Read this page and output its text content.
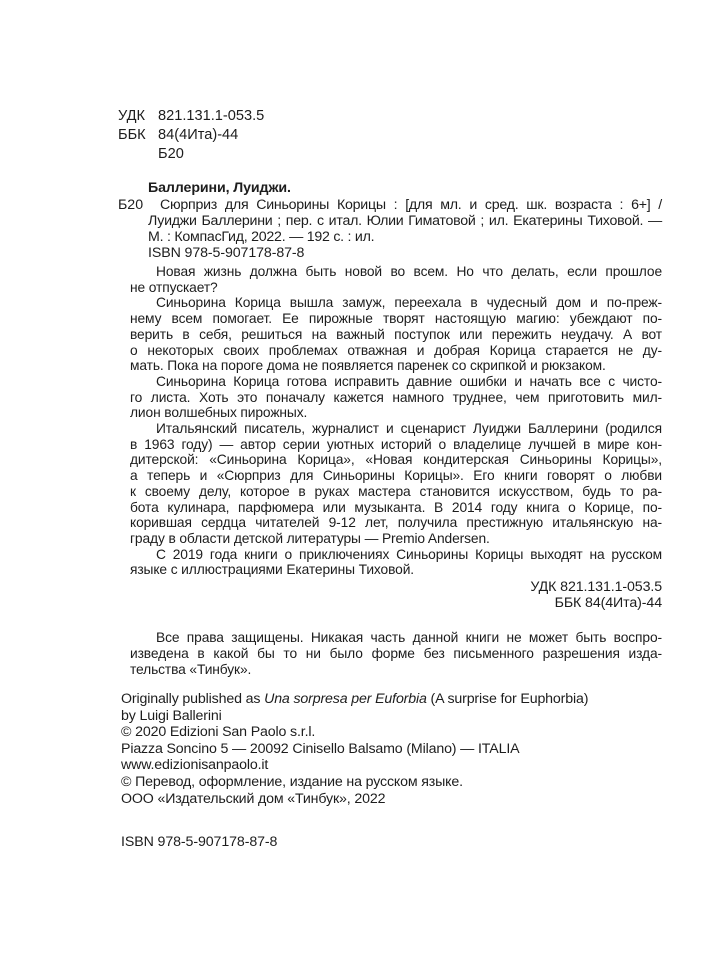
УДК 821.131.1-053.5
ББК 84(4Ита)-44
Б20
Баллерини, Луиджи.
Б20	Сюрприз для Синьорины Корицы : [для мл. и сред. шк. возраста : 6+] /
Луиджи Баллерини ; пер. с итал. Юлии Гиматовой ; ил. Екатерины Тиховой. —
М. : КомпасГид, 2022. — 192 с. : ил.
ISBN 978-5-907178-87-8
Новая жизнь должна быть новой во всем. Но что делать, если прошлое
не отпускает?
Синьорина Корица вышла замуж, переехала в чудесный дом и по-преж-
нему всем помогает. Ее пирожные творят настоящую магию: убеждают по-
верить в себя, решиться на важный поступок или пережить неудачу. А вот
о некоторых своих проблемах отважная и добрая Корица старается не ду-
мать. Пока на пороге дома не появляется паренек со скрипкой и рюкзаком.
Синьорина Корица готова исправить давние ошибки и начать все с чисто-
го листа. Хоть это поначалу кажется намного труднее, чем приготовить мил-
лион волшебных пирожных.
Итальянский писатель, журналист и сценарист Луиджи Баллерини (родился
в 1963 году) — автор серии уютных историй о владелице лучшей в мире кон-
дитерской: «Синьорина Корица», «Новая кондитерская Синьорины Корицы»,
а теперь и «Сюрприз для Синьорины Корицы». Его книги говорят о любви
к своему делу, которое в руках мастера становится искусством, будь то ра-
бота кулинара, парфюмера или музыканта. В 2014 году книга о Корице, по-
корившая сердца читателей 9-12 лет, получила престижную итальянскую на-
граду в области детской литературы — Premio Andersen.
С 2019 года книги о приключениях Синьорины Корицы выходят на русском
языке с иллюстрациями Екатерины Тиховой.
УДК 821.131.1-053.5
ББК 84(4Ита)-44
Все права защищены. Никакая часть данной книги не может быть воспро-
изведена в какой бы то ни было форме без письменного разрешения изда-
тельства «Тинбук».
Originally published as Una sorpresa per Euforbia (A surprise for Euphorbia)
by Luigi Ballerini
© 2020 Edizioni San Paolo s.r.l.
Piazza Soncino 5 — 20092 Cinisello Balsamo (Milano) — ITALIA
www.edizionisanpaolo.it
© Перевод, оформление, издание на русском языке.
ООО «Издательский дом «Тинбук», 2022
ISBN 978-5-907178-87-8
